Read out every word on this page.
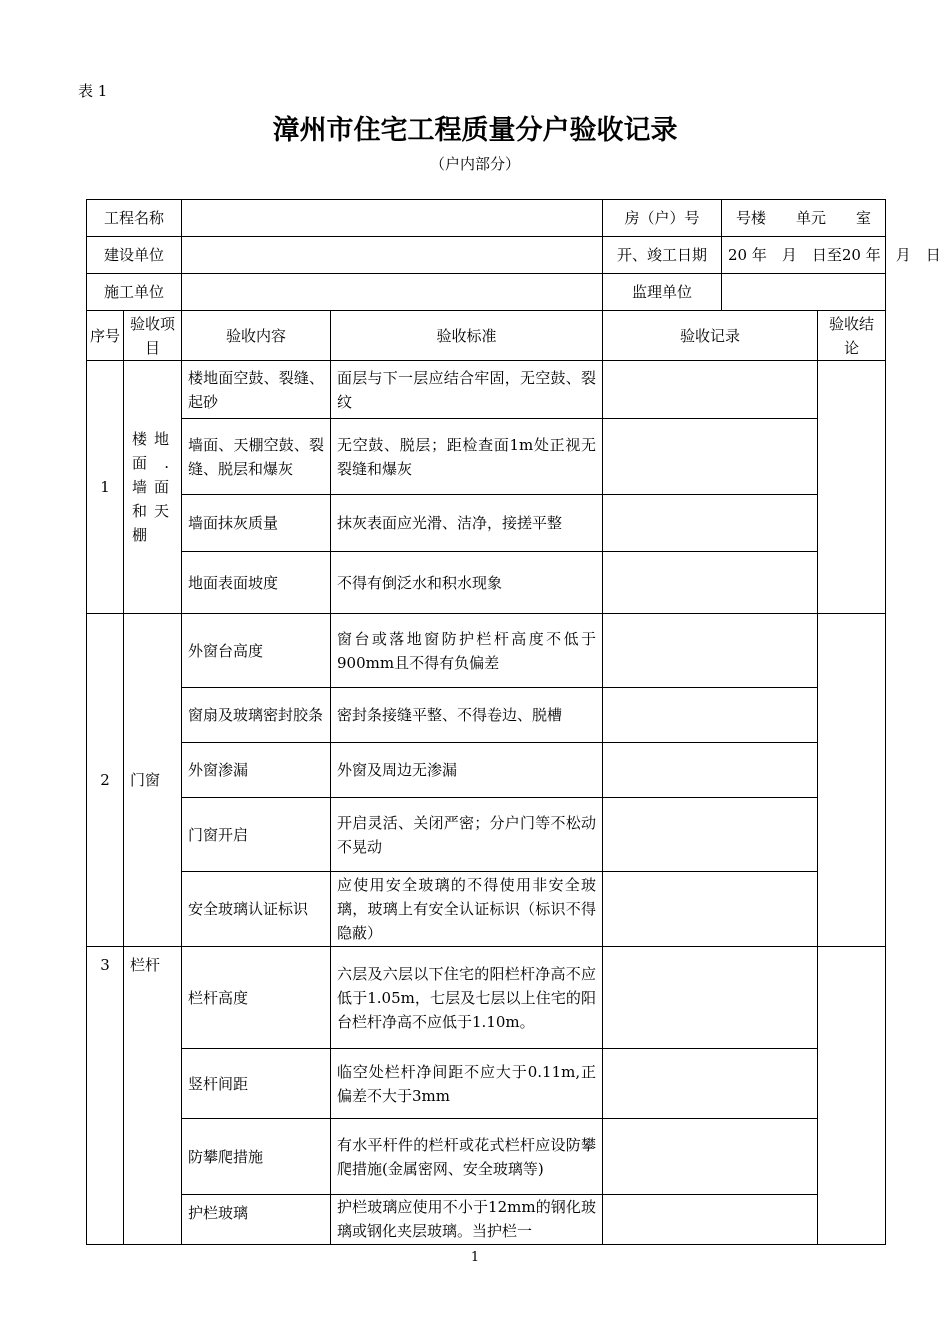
表 1
漳州市住宅工程质量分户验收记录
（户内部分）
工程名称			房（户）号	号楼　　单元　　室

建设单位			开、竣工日期	20 年　月　日至20 年　月　日

施工单位			监理单位	

序号	验收项目	验收内容	验收标准	验收记录	验收结论
1	楼地面.墙面和天棚	楼地面空鼓、裂缝、起砂	面层与下一层应结合牢固，无空鼓、裂纹		
墙面、天棚空鼓、裂缝、脱层和爆灰	无空鼓、脱层；距检查面1m处正视无裂缝和爆灰	
墙面抹灰质量	抹灰表面应光滑、洁净，接搓平整	
地面表面坡度	不得有倒泛水和积水现象	
2	门窗	外窗台高度	窗台或落地窗防护栏杆高度不低于900mm且不得有负偏差		
窗扇及玻璃密封胶条	密封条接缝平整、不得卷边、脱槽	
外窗渗漏	外窗及周边无渗漏	
门窗开启	开启灵活、关闭严密；分户门等不松动不晃动	
安全玻璃认证标识	应使用安全玻璃的不得使用非安全玻璃，玻璃上有安全认证标识（标识不得隐蔽）	
3	栏杆	栏杆高度	六层及六层以下住宅的阳栏杆净高不应低于1.05m，七层及七层以上住宅的阳台栏杆净高不应低于1.10m。		
竖杆间距	临空处栏杆净间距不应大于0.11m,正偏差不大于3mm	
防攀爬措施	有水平杆件的栏杆或花式栏杆应设防攀爬措施(金属密网、安全玻璃等)	
护栏玻璃	护栏玻璃应使用不小于12mm的钢化玻璃或钢化夹层玻璃。当护栏一

1
